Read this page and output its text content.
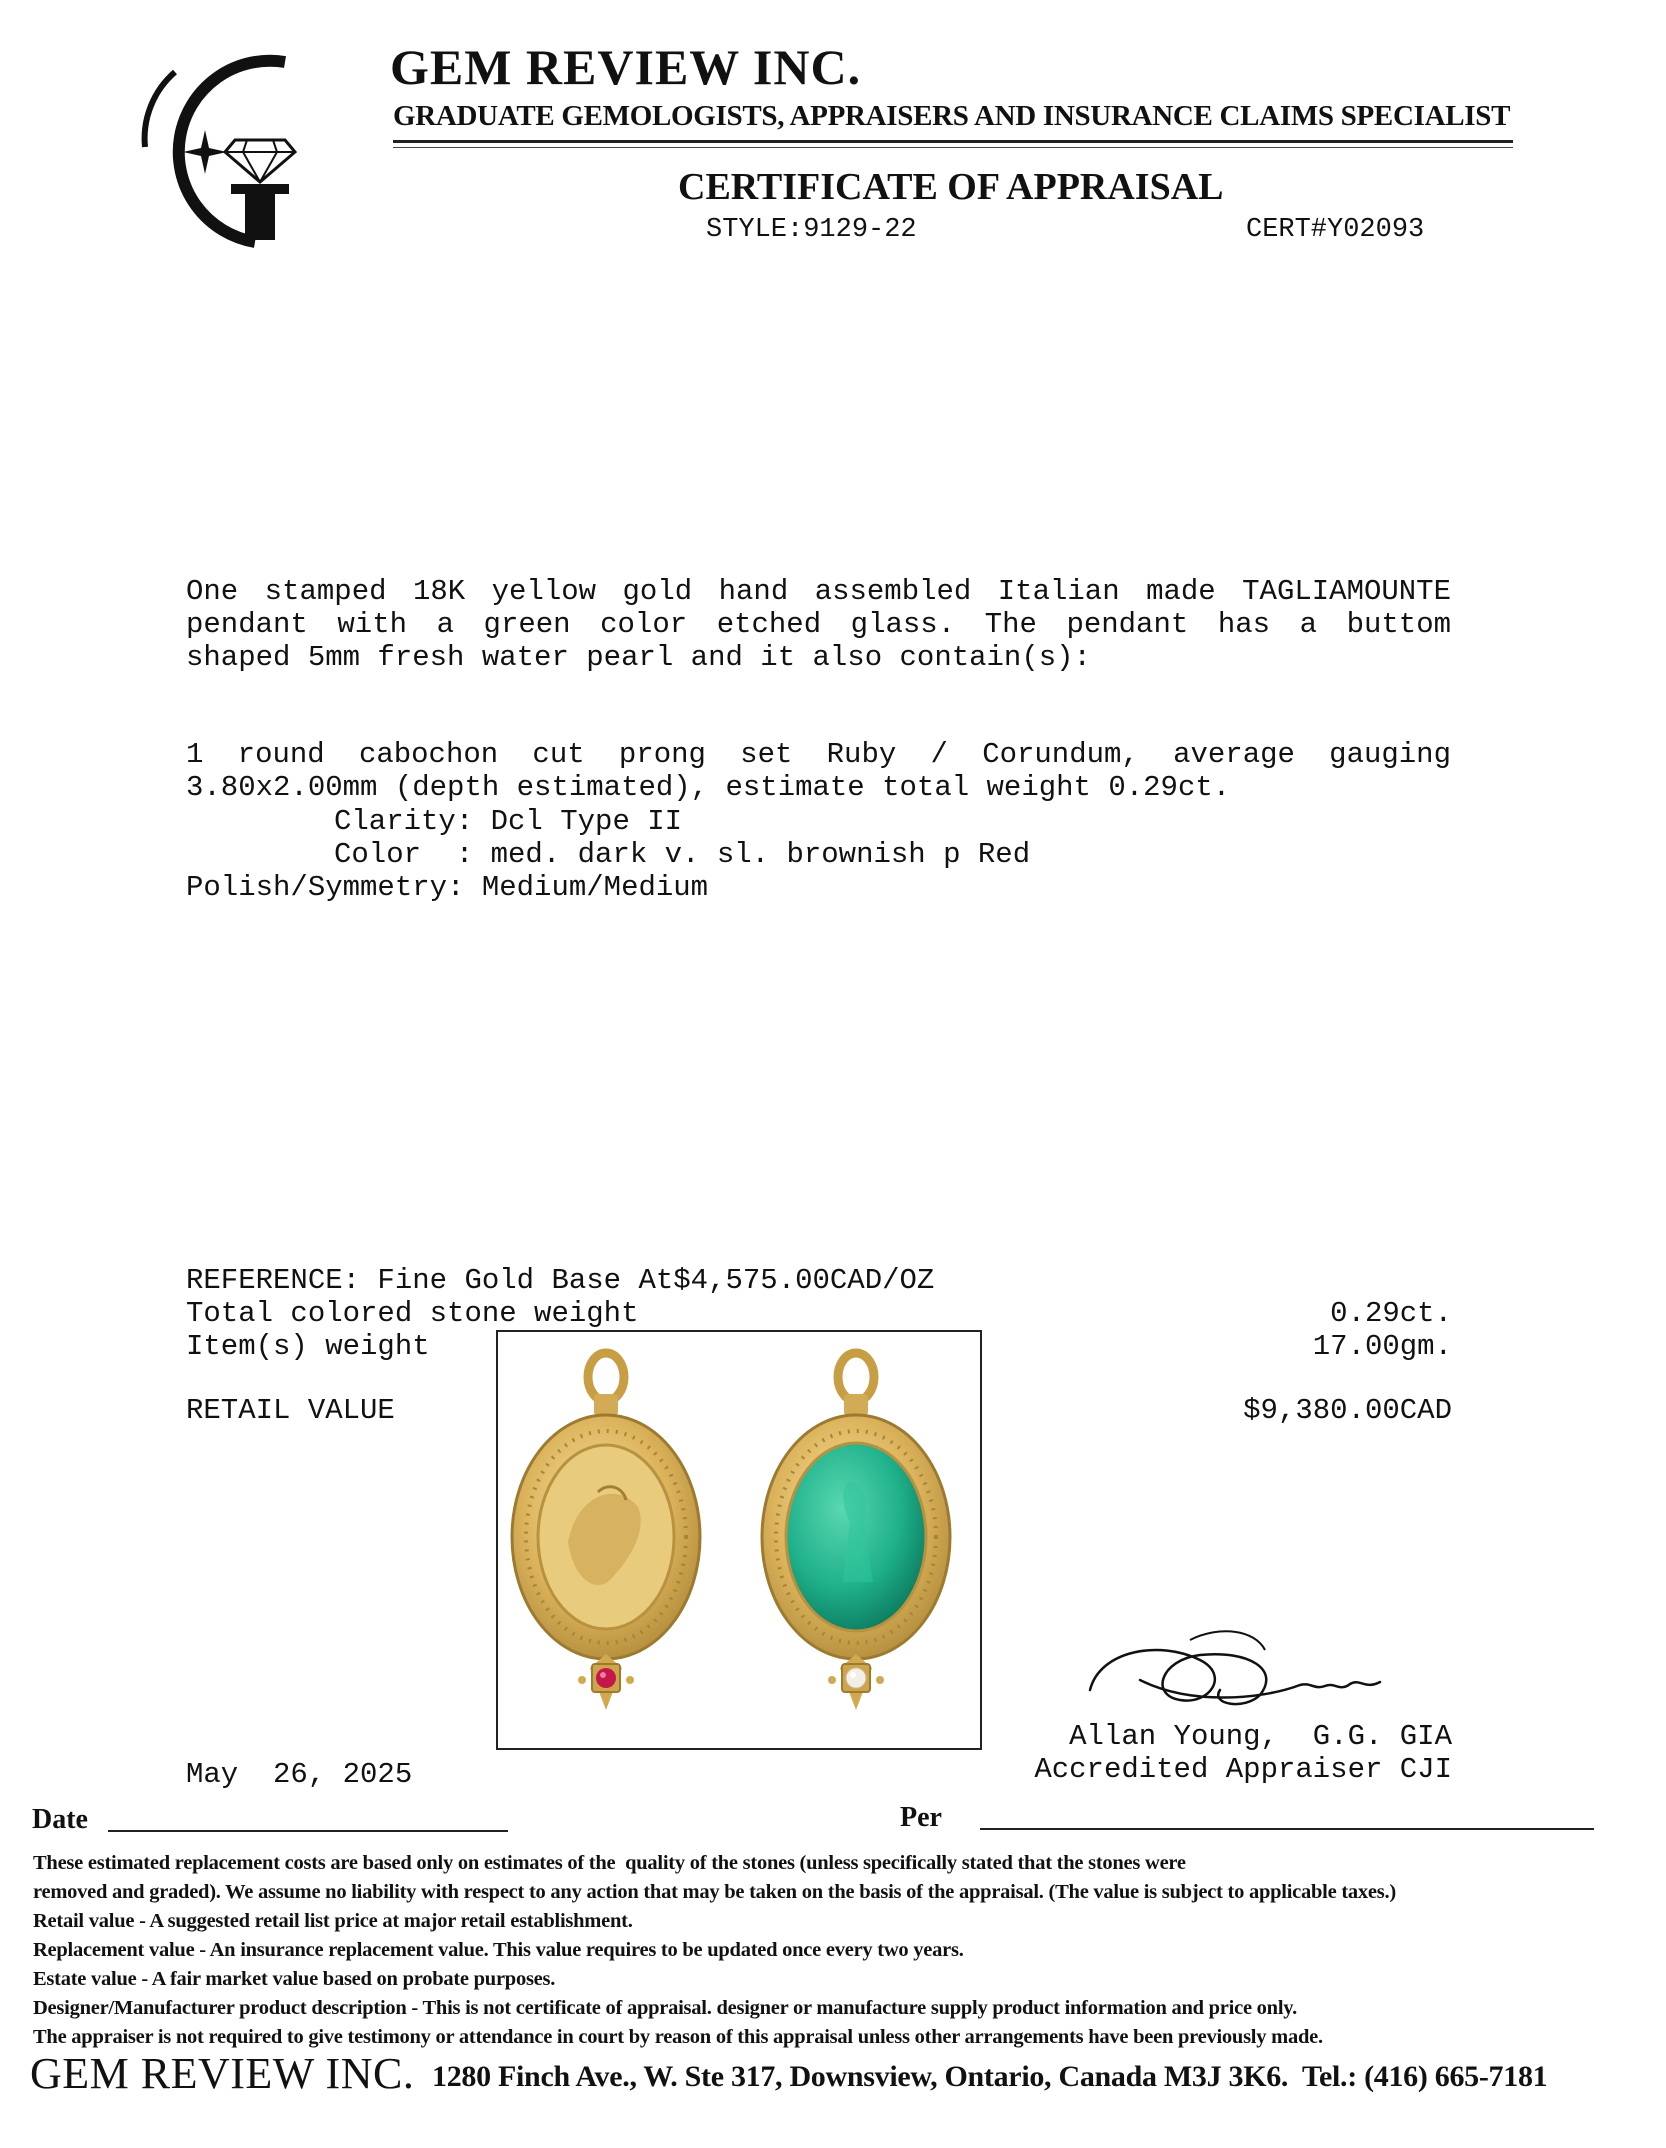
GEM REVIEW INC.
GRADUATE GEMOLOGISTS, APPRAISERS AND INSURANCE CLAIMS SPECIALIST
CERTIFICATE OF APPRAISAL
STYLE:9129-22	CERT#Y02093
One stamped 18K yellow gold hand assembled Italian made TAGLIAMOUNTE
pendant with a green color etched glass. The pendant has a buttom
shaped 5mm fresh water pearl and it also contain(s):
1 round cabochon cut prong set Ruby / Corundum, average gauging
3.80x2.00mm (depth estimated), estimate total weight 0.29ct.
Clarity: Dcl Type II
Color  : med. dark v. sl. brownish p Red
Polish/Symmetry: Medium/Medium
REFERENCE: Fine Gold Base At$4,575.00CAD/OZ
Total colored stone weight	0.29ct.
Item(s) weight	17.00gm.
RETAIL VALUE	$9,380.00CAD
Allan Young,  G.G. GIA
Accredited Appraiser CJI
May  26, 2025
Date	Per
These estimated replacement costs are based only on estimates of the  quality of the stones (unless specifically stated that the stones were
removed and graded). We assume no liability with respect to any action that may be taken on the basis of the appraisal. (The value is subject to applicable taxes.)
Retail value - A suggested retail list price at major retail establishment.
Replacement value - An insurance replacement value. This value requires to be updated once every two years.
Estate value - A fair market value based on probate purposes.
Designer/Manufacturer product description - This is not certificate of appraisal. designer or manufacture supply product information and price only.
The appraiser is not required to give testimony or attendance in court by reason of this appraisal unless other arrangements have been previously made.
GEM REVIEW INC. 1280 Finch Ave., W. Ste 317, Downsview, Ontario, Canada M3J 3K6.  Tel.: (416) 665-7181
